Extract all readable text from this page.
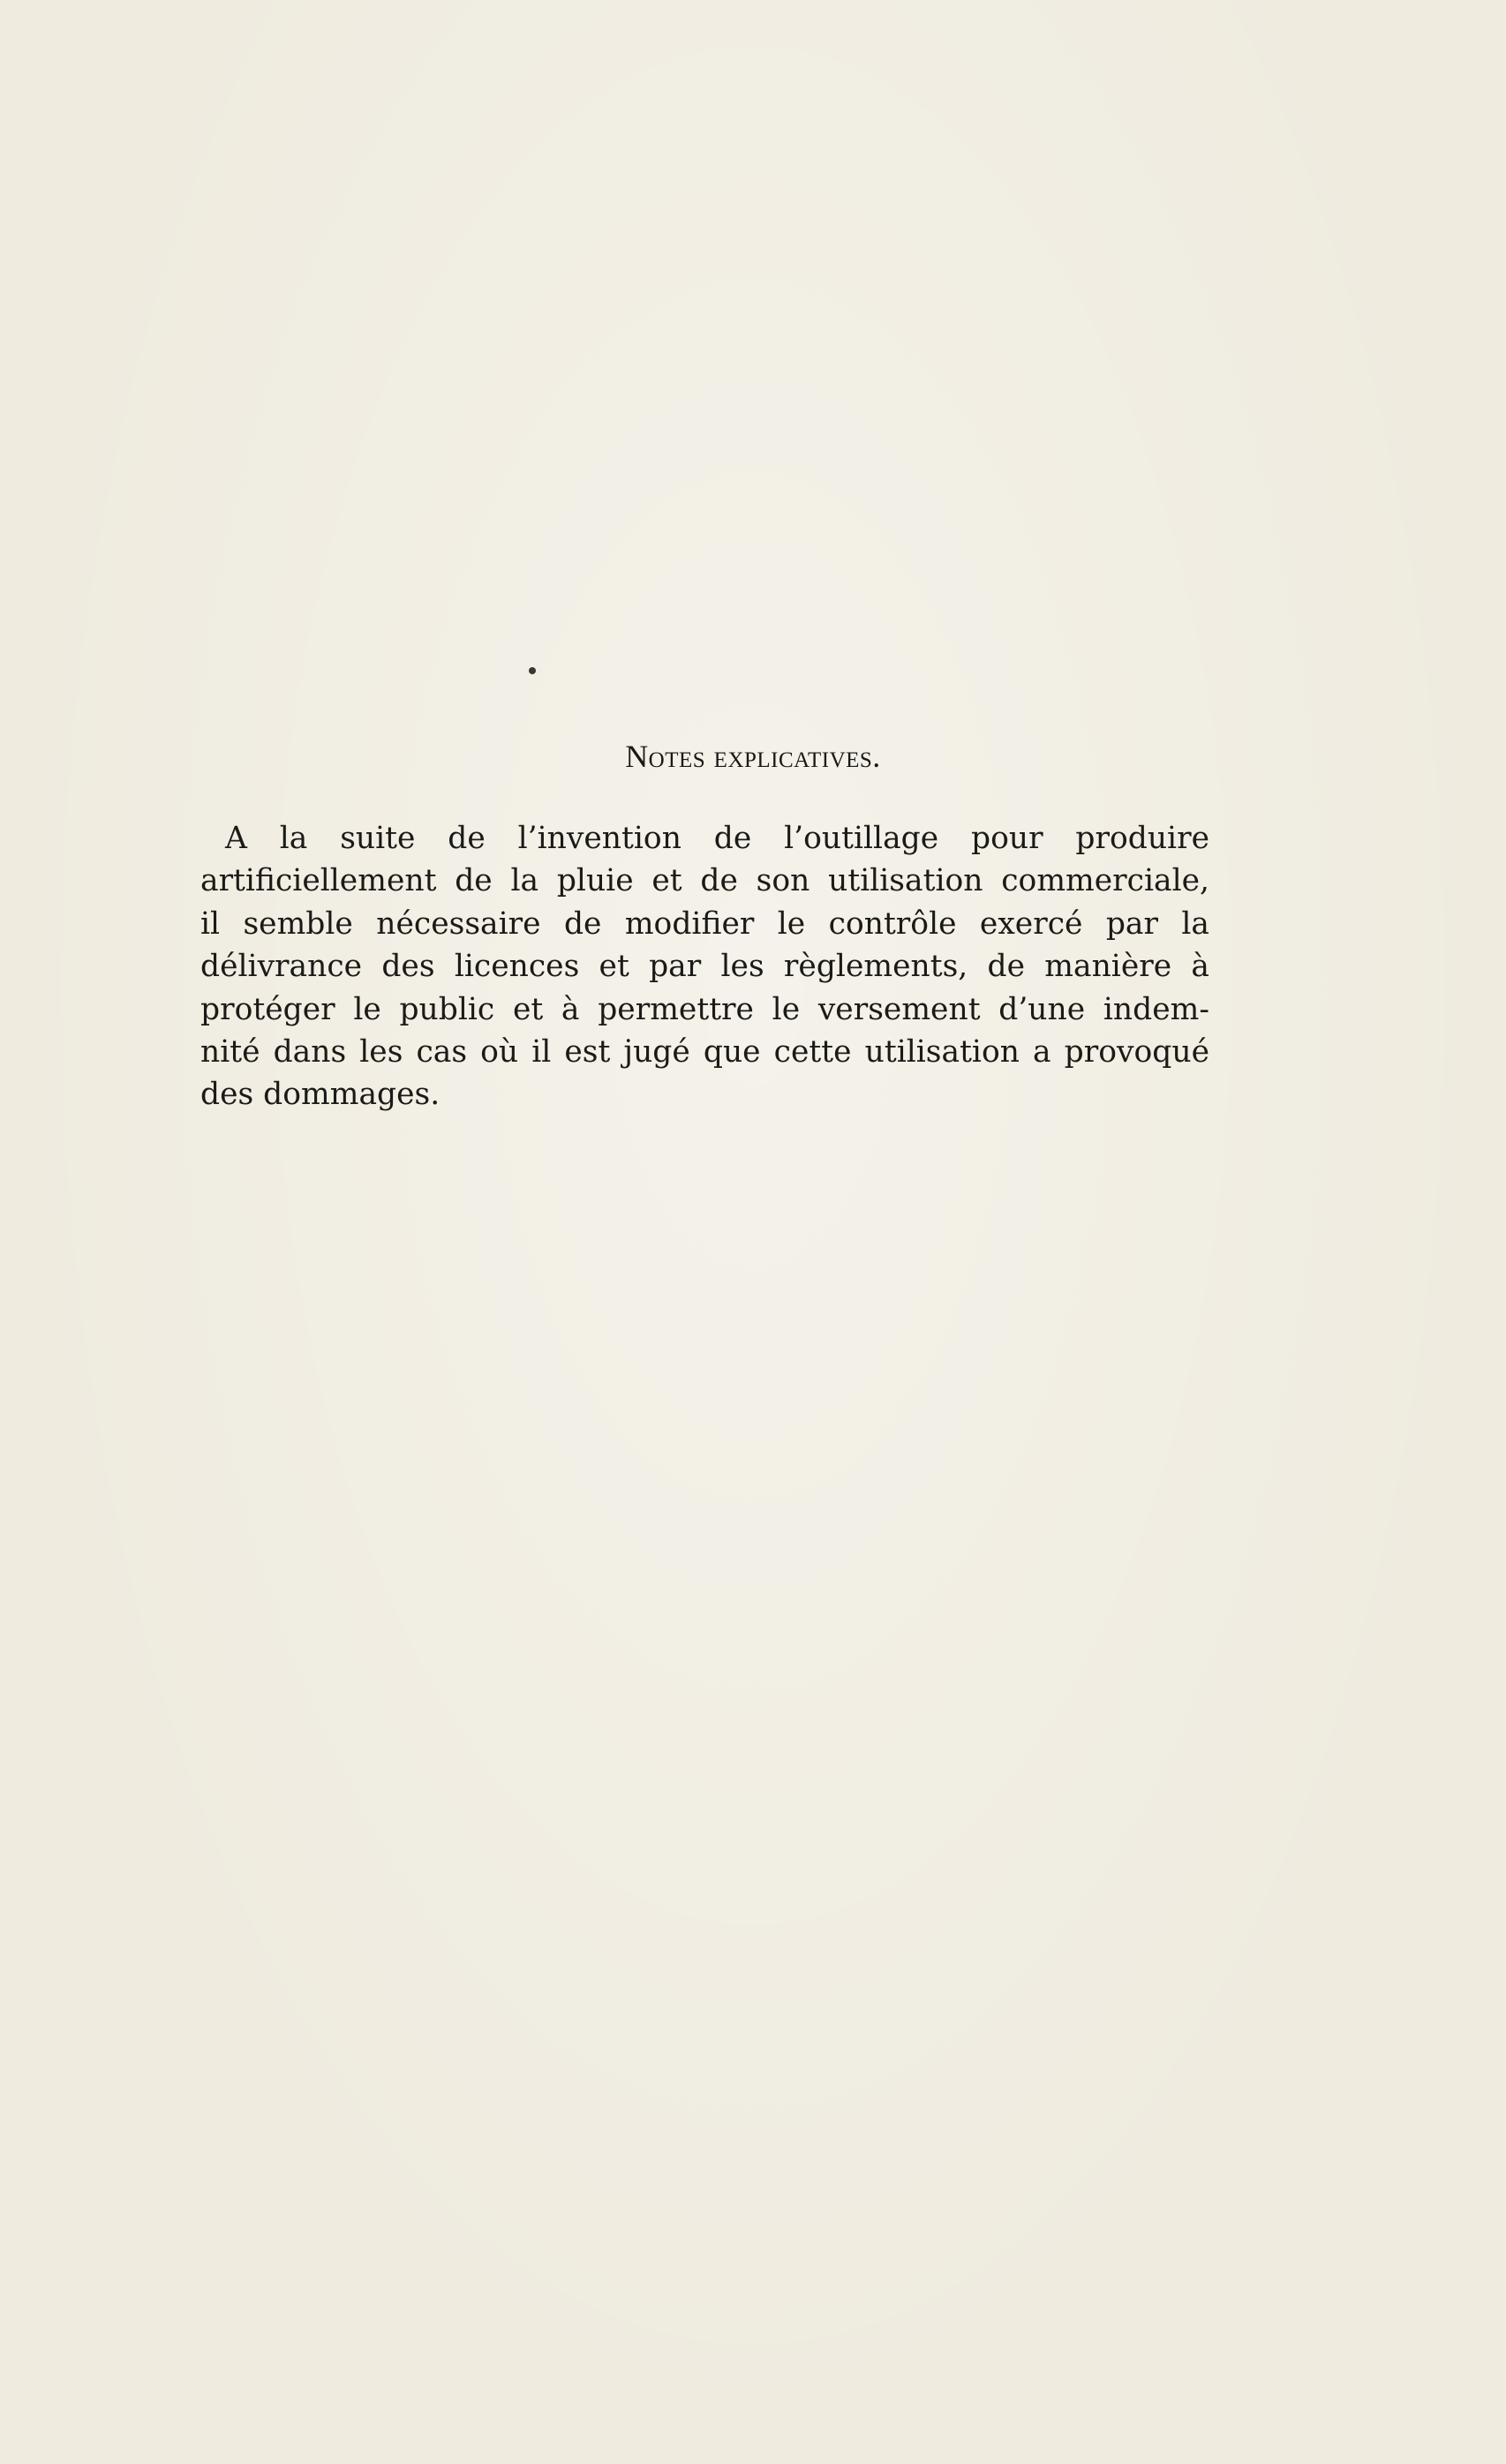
Notes explicatives.

A la suite de l’invention de l’outillage pour produire
artificiellement de la pluie et de son utilisation commerciale,
il semble nécessaire de modifier le contrôle exercé par la
délivrance des licences et par les règlements, de manière à
protéger le public et à permettre le versement d’une indem-
nité dans les cas où il est jugé que cette utilisation a provoqué
des dommages.
